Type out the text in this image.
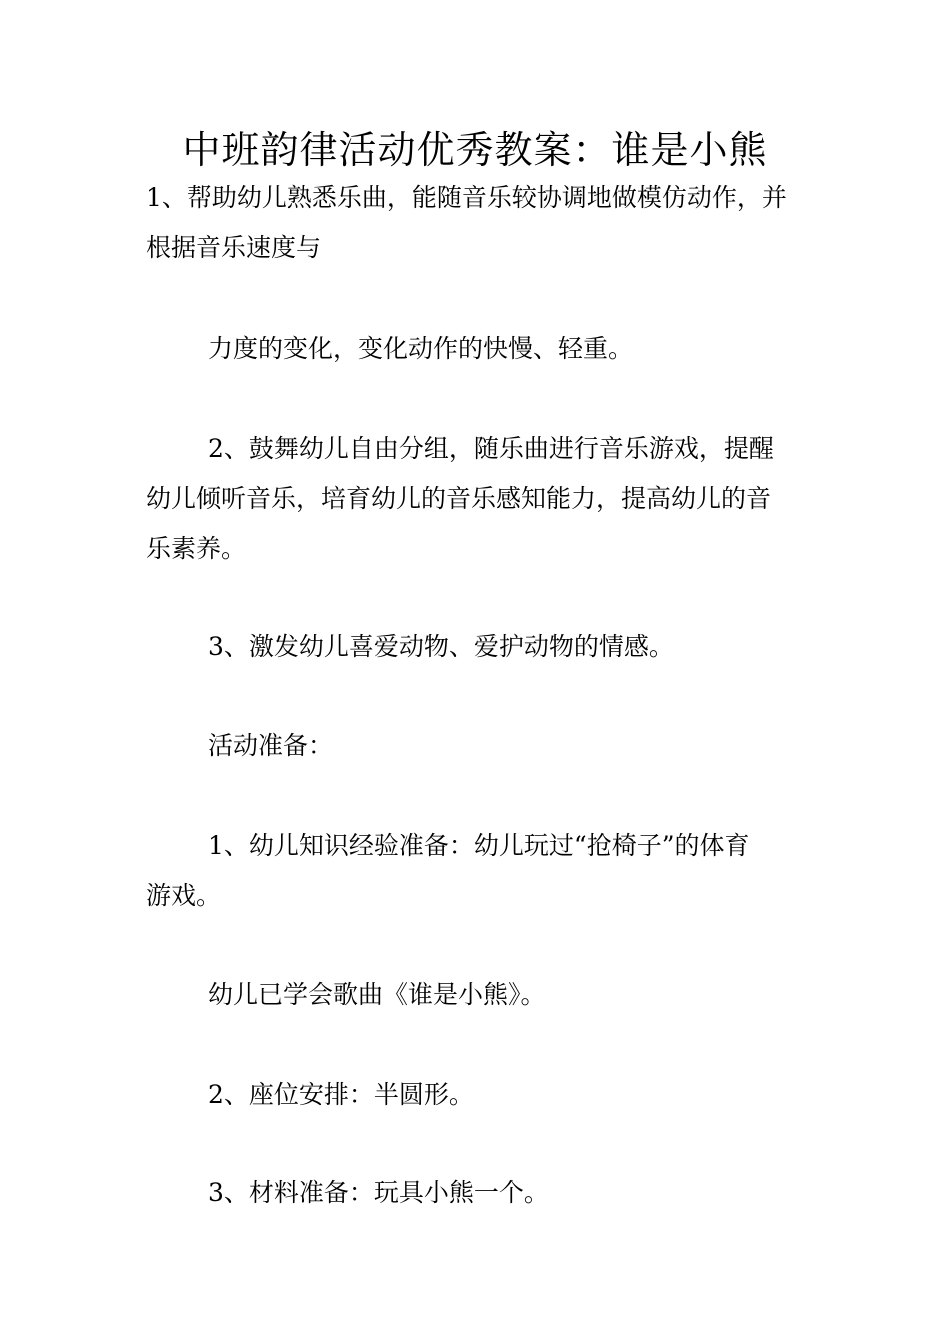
中班韵律活动优秀教案：谁是小熊
1、帮助幼儿熟悉乐曲，能随音乐较协调地做模仿动作，并
根据音乐速度与
力度的变化，变化动作的快慢、轻重。
2、鼓舞幼儿自由分组，随乐曲进行音乐游戏，提醒
幼儿倾听音乐，培育幼儿的音乐感知能力，提高幼儿的音
乐素养。
3、激发幼儿喜爱动物、爱护动物的情感。
活动准备：
1、幼儿知识经验准备：幼儿玩过“抢椅子”的体育
游戏。
幼儿已学会歌曲《谁是小熊》。
2、座位安排：半圆形。
3、材料准备：玩具小熊一个。
